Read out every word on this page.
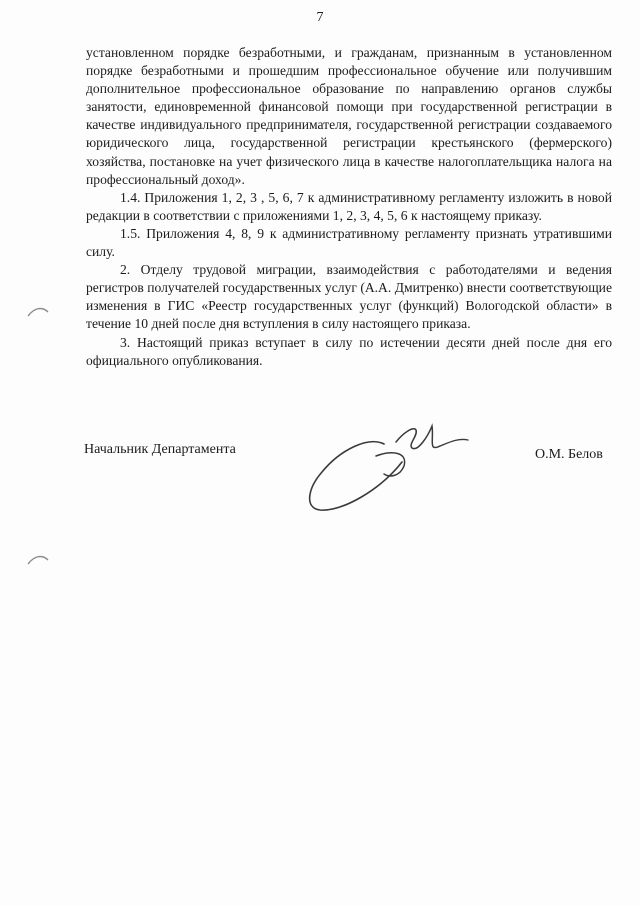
7

установленном порядке безработными, и гражданам, признанным в установленном порядке безработными и прошедшим профессиональное обучение или получившим дополнительное профессиональное образование по направлению органов службы занятости, единовременной финансовой помощи при государственной регистрации в качестве индивидуального предпринимателя, государственной регистрации создаваемого юридического лица, государственной регистрации крестьянского (фермерского) хозяйства, постановке на учет физического лица в качестве налогоплательщика налога на профессиональный доход».

1.4. Приложения 1, 2, 3 , 5, 6, 7 к административному регламенту изложить в новой редакции в соответствии с приложениями 1, 2, 3, 4, 5, 6 к настоящему приказу.

1.5. Приложения 4, 8, 9 к административному регламенту признать утратившими силу.

2. Отделу трудовой миграции, взаимодействия с работодателями и ведения регистров получателей государственных услуг (А.А. Дмитренко) внести соответствующие изменения в ГИС «Реестр государственных услуг (функций) Вологодской области» в течение 10 дней после дня вступления в силу настоящего приказа.

3. Настоящий приказ вступает в силу по истечении десяти дней после дня его официального опубликования.

Начальник Департамента	О.М. Белов
